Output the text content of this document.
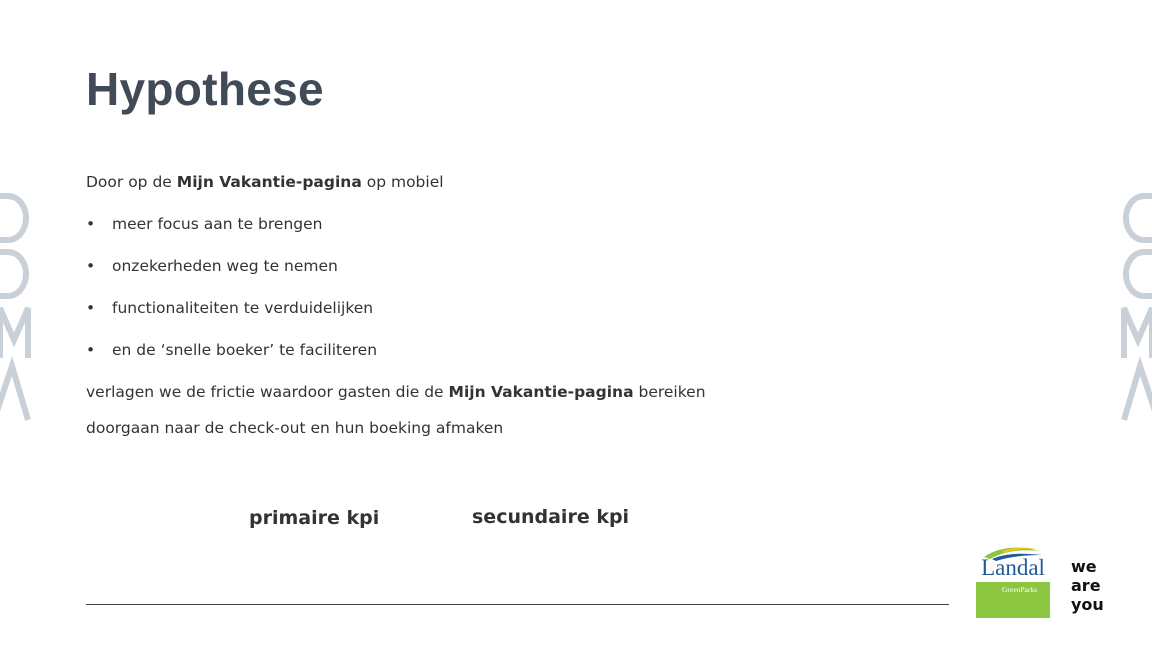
Hypothese
Door op de Mijn Vakantie-pagina op mobiel
• meer focus aan te brengen
• onzekerheden weg te nemen
• functionaliteiten te verduidelijken
• en de ‘snelle boeker’ te faciliteren
verlagen we de frictie waardoor gasten die de Mijn Vakantie-pagina bereiken
doorgaan naar de check-out en hun boeking afmaken
primaire kpi	secundaire kpi
Landal
GreenParks
we
are
you
